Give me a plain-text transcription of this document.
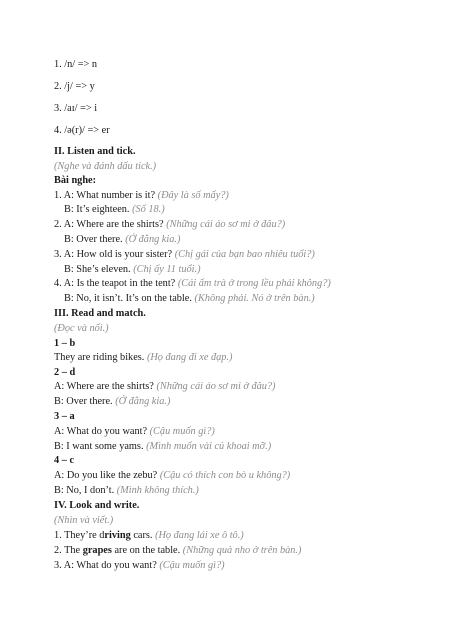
1. /n/ => n
2. /j/ => y
3. /aɪ/ => i
4. /ə(r)/ => er
II. Listen and tick.
(Nghe và đánh dấu tick.)
Bài nghe:
1. A: What number is it? (Đây là số mấy?)
B: It’s eighteen. (Số 18.)
2. A: Where are the shirts? (Những cái áo sơ mi ở đâu?)
B: Over there. (Ở đằng kia.)
3. A: How old is your sister? (Chị gái của bạn bao nhiêu tuổi?)
B: She’s eleven. (Chị ấy 11 tuổi.)
4. A: Is the teapot in the tent? (Cái ấm trà ở trong lều phải không?)
B: No, it isn’t. It’s on the table. (Không phải. Nó ở trên bàn.)
III. Read and match.
(Đọc và nối.)
1 – b
They are riding bikes. (Họ đang đi xe đạp.)
2 – d
A: Where are the shirts? (Những cái áo sơ mi ở đâu?)
B: Over there. (Ở đằng kia.)
3 – a
A: What do you want? (Cậu muốn gì?)
B: I want some yams. (Mình muốn vài củ khoai mỡ.)
4 – c
A: Do you like the zebu? (Cậu có thích con bò u không?)
B: No, I don’t. (Mình không thích.)
IV. Look and write.
(Nhìn và viết.)
1. They’re driving cars. (Họ đang lái xe ô tô.)
2. The grapes are on the table. (Những quả nho ở trên bàn.)
3. A: What do you want? (Cậu muốn gì?)
